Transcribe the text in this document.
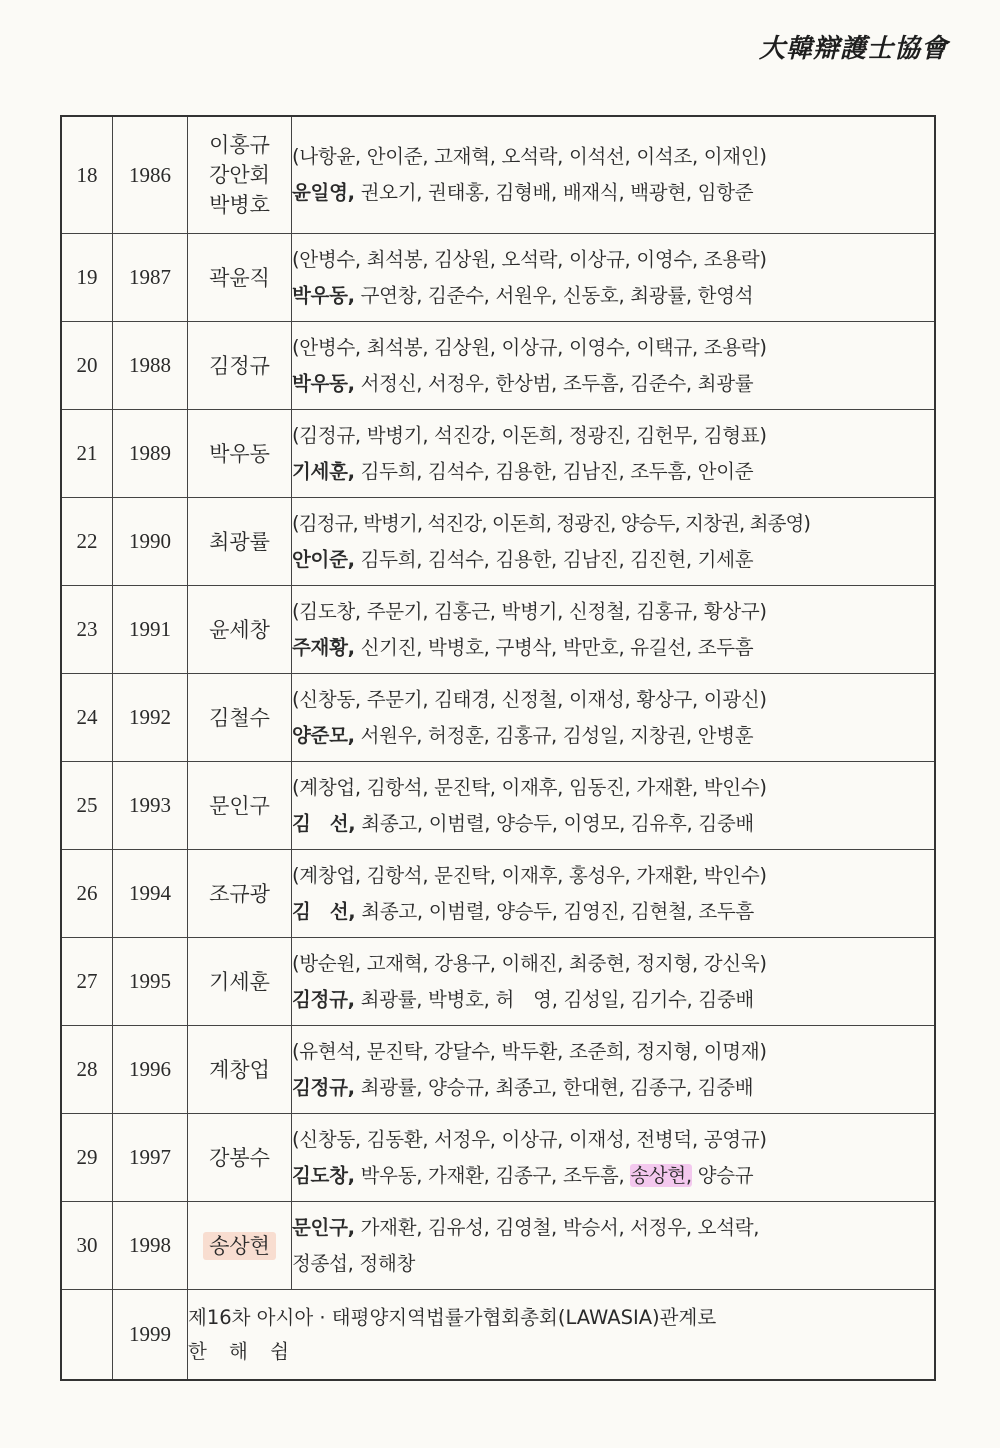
大韓辯護士協會
18	1986	이홍규
강안회
박병호	(나항윤, 안이준, 고재혁, 오석락, 이석선, 이석조, 이재인)
윤일영, 권오기, 권태홍, 김형배, 배재식, 백광현, 임항준

19	1987	곽윤직	(안병수, 최석봉, 김상원, 오석락, 이상규, 이영수, 조용락)
박우동, 구연창, 김준수, 서원우, 신동호, 최광률, 한영석

20	1988	김정규	(안병수, 최석봉, 김상원, 이상규, 이영수, 이택규, 조용락)
박우동, 서정신, 서정우, 한상범, 조두흠, 김준수, 최광률

21	1989	박우동	(김정규, 박병기, 석진강, 이돈희, 정광진, 김헌무, 김형표)
기세훈, 김두희, 김석수, 김용한, 김남진, 조두흠, 안이준

22	1990	최광률	(김정규, 박병기, 석진강, 이돈희, 정광진, 양승두, 지창권, 최종영)
안이준, 김두희, 김석수, 김용한, 김남진, 김진현, 기세훈

23	1991	윤세창	(김도창, 주문기, 김홍근, 박병기, 신정철, 김홍규, 황상구)
주재황, 신기진, 박병호, 구병삭, 박만호, 유길선, 조두흠

24	1992	김철수	(신창동, 주문기, 김태경, 신정철, 이재성, 황상구, 이광신)
양준모, 서원우, 허정훈, 김홍규, 김성일, 지창권, 안병훈

25	1993	문인구	(계창업, 김항석, 문진탁, 이재후, 임동진, 가재환, 박인수)
김　선, 최종고, 이범렬, 양승두, 이영모, 김유후, 김중배

26	1994	조규광	(계창업, 김항석, 문진탁, 이재후, 홍성우, 가재환, 박인수)
김　선, 최종고, 이범렬, 양승두, 김영진, 김현철, 조두흠

27	1995	기세훈	(방순원, 고재혁, 강용구, 이해진, 최중현, 정지형, 강신욱)
김정규, 최광률, 박병호, 허　영, 김성일, 김기수, 김중배

28	1996	계창업	(유현석, 문진탁, 강달수, 박두환, 조준희, 정지형, 이명재)
김정규, 최광률, 양승규, 최종고, 한대현, 김종구, 김중배

29	1997	강봉수	(신창동, 김동환, 서정우, 이상규, 이재성, 전병덕, 공영규)
김도창, 박우동, 가재환, 김종구, 조두흠, 송상현, 양승규

30	1998	송상현	문인구, 가재환, 김유성, 김영철, 박승서, 서정우, 오석락,
정종섭, 정해창

	1999	제16차 아시아 · 태평양지역법률가협회총회(LAWASIA)관계로
한 해 쉼	
